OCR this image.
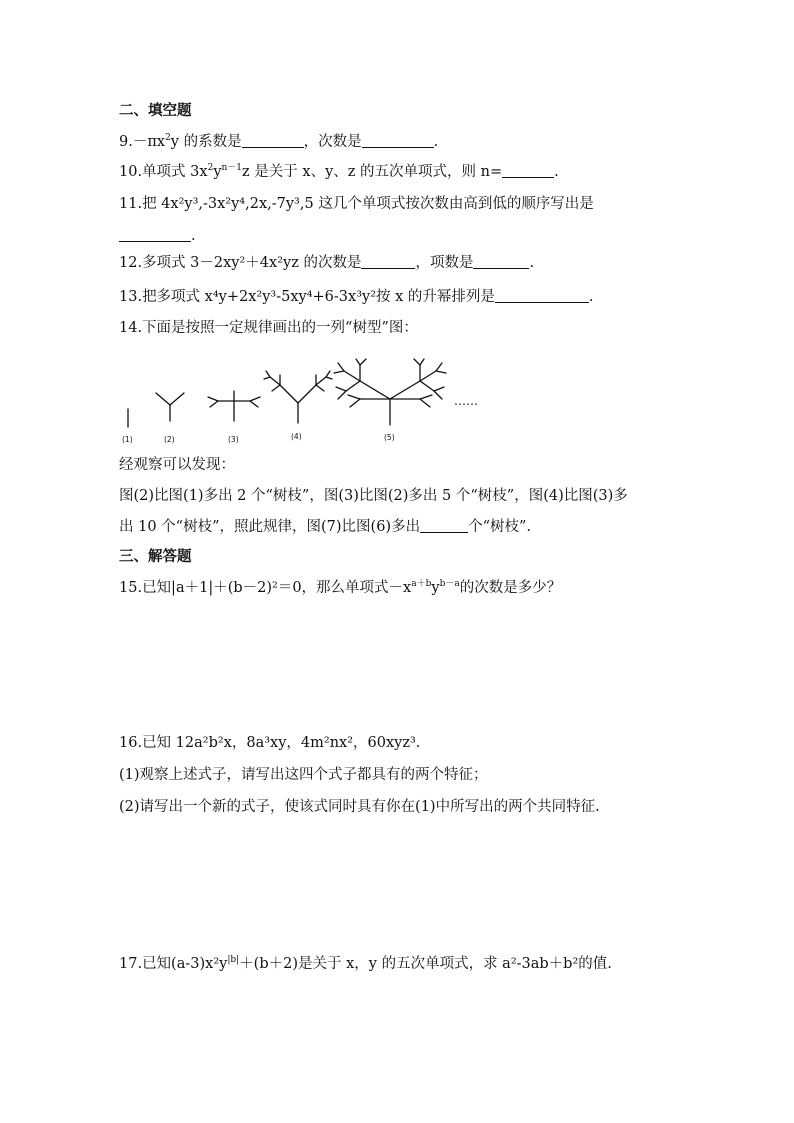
二、填空题
$9.-\pi x^2y$ 的系数是	，次数是	.
10.单项式 $3x^2y^{n-1}z$ 是关于 x、y、z 的五次单项式，则 n=	.
11.把 4x²y³,-3x²y⁴,2x,-7y³,5 这几个单项式按次数由高到低的顺序写出是
.
12.多项式 3－2xy²＋4x²yz 的次数是	，项数是	.
13.把多项式 x⁴y+2x²y³-5xy⁴+6-3x³y²按 x 的升幂排列是	.
14.下面是按照一定规律画出的一列“树型”图：
(1)	(2)	(3)	(4)	(5)
……
经观察可以发现：
图(2)比图(1)多出 2 个“树枝”，图(3)比图(2)多出 5 个“树枝”，图(4)比图(3)多
出 10 个“树枝”，照此规律，图(7)比图(6)多出	个“树枝”.
三、解答题
15.已知|a＋1|＋(b－2)²＝0，那么单项式$-x^{a+b}y^{b-a}$的次数是多少？
16.已知 12a²b²x，8a³xy，4m²nx²，60xyz³.
(1)观察上述式子，请写出这四个式子都具有的两个特征；
(2)请写出一个新的式子，使该式同时具有你在(1)中所写出的两个共同特征.
17.已知$(a-3)x^2y^{|b|}+(b+2)$是关于 x，y 的五次单项式，求 a²-3ab＋b²的值.
